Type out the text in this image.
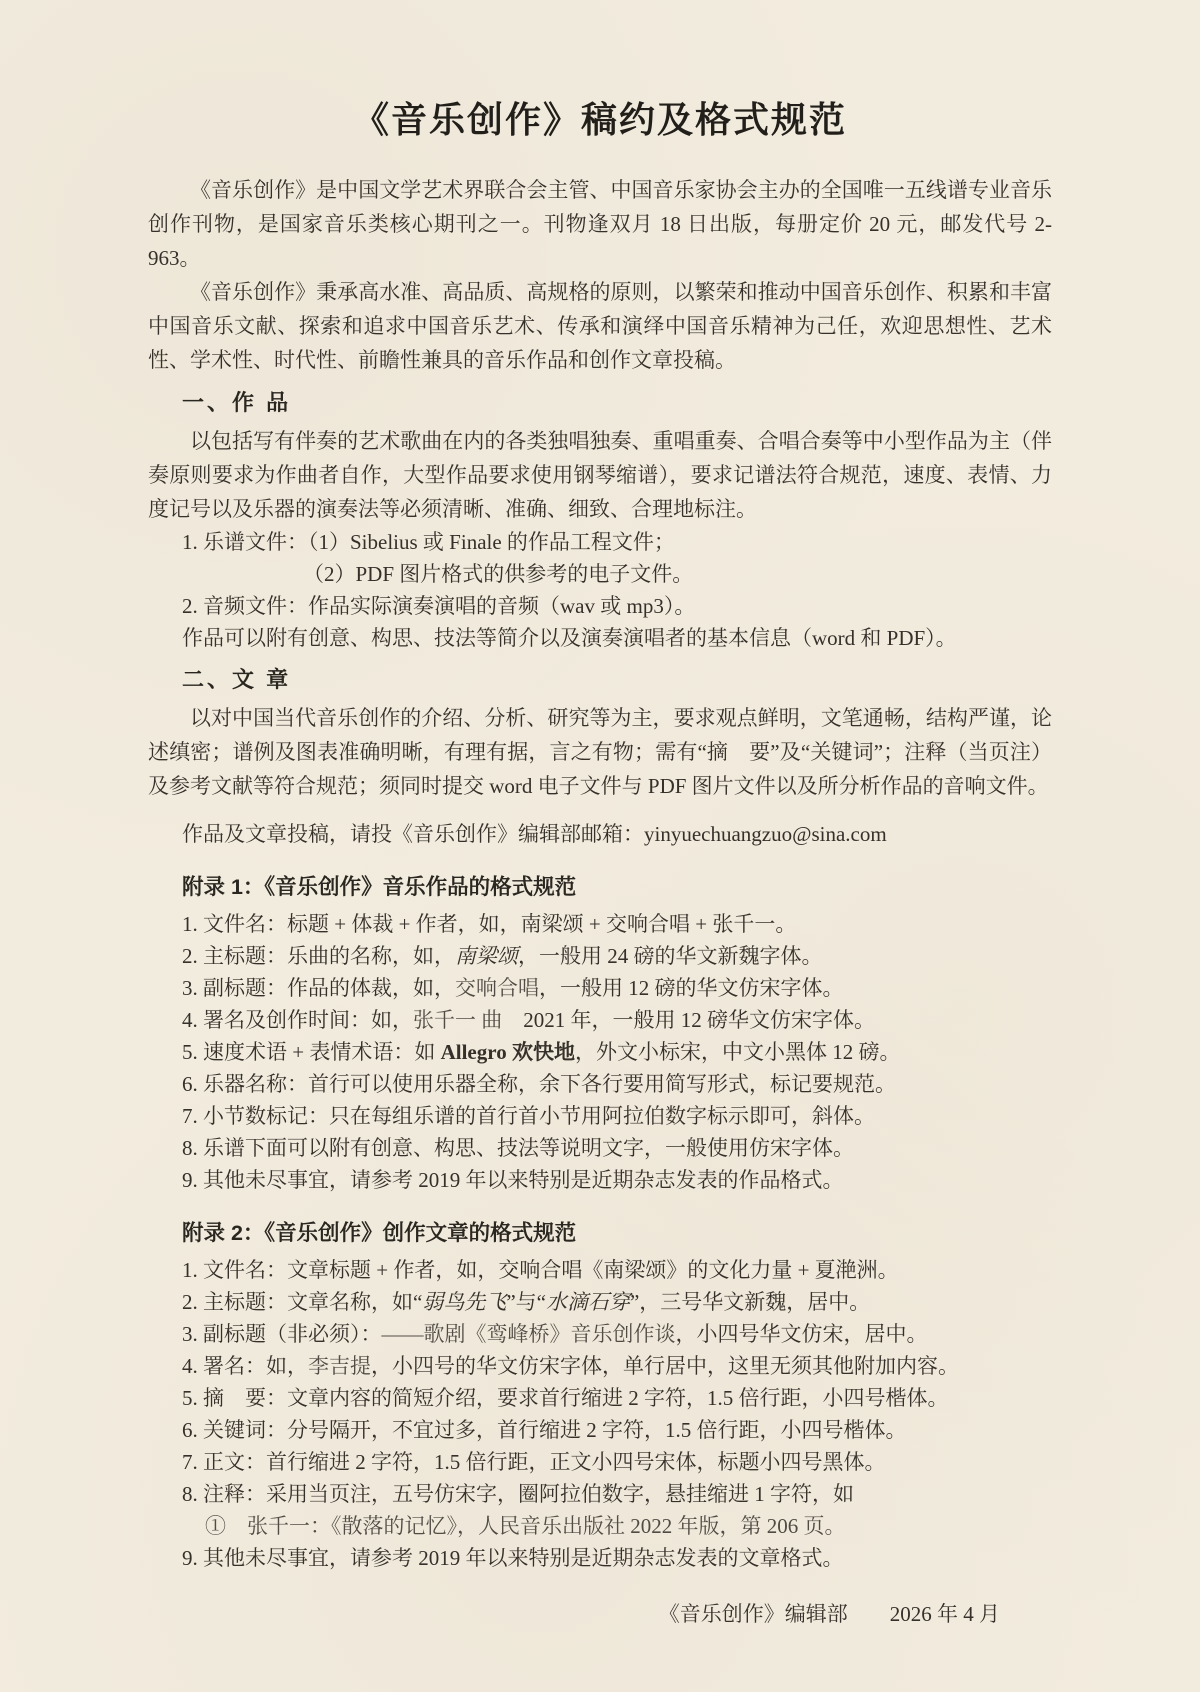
《音乐创作》稿约及格式规范

《音乐创作》是中国文学艺术界联合会主管、中国音乐家协会主办的全国唯一五线谱专业音乐创作刊物，是国家音乐类核心期刊之一。刊物逢双月 18 日出版，每册定价 20 元，邮发代号 2-963。

《音乐创作》秉承高水准、高品质、高规格的原则，以繁荣和推动中国音乐创作、积累和丰富中国音乐文献、探索和追求中国音乐艺术、传承和演绎中国音乐精神为己任，欢迎思想性、艺术性、学术性、时代性、前瞻性兼具的音乐作品和创作文章投稿。

一、作 品

以包括写有伴奏的艺术歌曲在内的各类独唱独奏、重唱重奏、合唱合奏等中小型作品为主（伴奏原则要求为作曲者自作，大型作品要求使用钢琴缩谱），要求记谱法符合规范，速度、表情、力度记号以及乐器的演奏法等必须清晰、准确、细致、合理地标注。

1. 乐谱文件：（1）Sibelius 或 Finale 的作品工程文件；
（2）PDF 图片格式的供参考的电子文件。
2. 音频文件：作品实际演奏演唱的音频（wav 或 mp3）。
作品可以附有创意、构思、技法等简介以及演奏演唱者的基本信息（word 和 PDF）。
二、文 章

以对中国当代音乐创作的介绍、分析、研究等为主，要求观点鲜明，文笔通畅，结构严谨，论述缜密；谱例及图表准确明晰，有理有据，言之有物；需有“摘　要”及“关键词”；注释（当页注）及参考文献等符合规范；须同时提交 word 电子文件与 PDF 图片文件以及所分析作品的音响文件。

作品及文章投稿，请投《音乐创作》编辑部邮箱：yinyuechuangzuo@sina.com
附录 1：《音乐创作》音乐作品的格式规范
1. 文件名：标题 + 体裁 + 作者，如，南梁颂 + 交响合唱 + 张千一。
2. 主标题：乐曲的名称，如，南梁颂，一般用 24 磅的华文新魏字体。
3. 副标题：作品的体裁，如，交响合唱，一般用 12 磅的华文仿宋字体。
4. 署名及创作时间：如，张千一 曲　2021 年，一般用 12 磅华文仿宋字体。
5. 速度术语 + 表情术语：如 Allegro 欢快地，外文小标宋，中文小黑体 12 磅。
6. 乐器名称：首行可以使用乐器全称，余下各行要用简写形式，标记要规范。
7. 小节数标记：只在每组乐谱的首行首小节用阿拉伯数字标示即可，斜体。
8. 乐谱下面可以附有创意、构思、技法等说明文字，一般使用仿宋字体。
9. 其他未尽事宜，请参考 2019 年以来特别是近期杂志发表的作品格式。
附录 2：《音乐创作》创作文章的格式规范
1. 文件名：文章标题 + 作者，如，交响合唱《南梁颂》的文化力量 + 夏滟洲。
2. 主标题：文章名称，如“弱鸟先飞”与“水滴石穿”，三号华文新魏，居中。
3. 副标题（非必须）：——歌剧《鸾峰桥》音乐创作谈，小四号华文仿宋，居中。
4. 署名：如，李吉提，小四号的华文仿宋字体，单行居中，这里无须其他附加内容。
5. 摘　要：文章内容的简短介绍，要求首行缩进 2 字符，1.5 倍行距，小四号楷体。
6. 关键词：分号隔开，不宜过多，首行缩进 2 字符，1.5 倍行距，小四号楷体。
7. 正文：首行缩进 2 字符，1.5 倍行距，正文小四号宋体，标题小四号黑体。
8. 注释：采用当页注，五号仿宋字，圈阿拉伯数字，悬挂缩进 1 字符，如
①　张千一：《散落的记忆》，人民音乐出版社 2022 年版，第 206 页。
9. 其他未尽事宜，请参考 2019 年以来特别是近期杂志发表的文章格式。
《音乐创作》编辑部 2026 年 4 月
